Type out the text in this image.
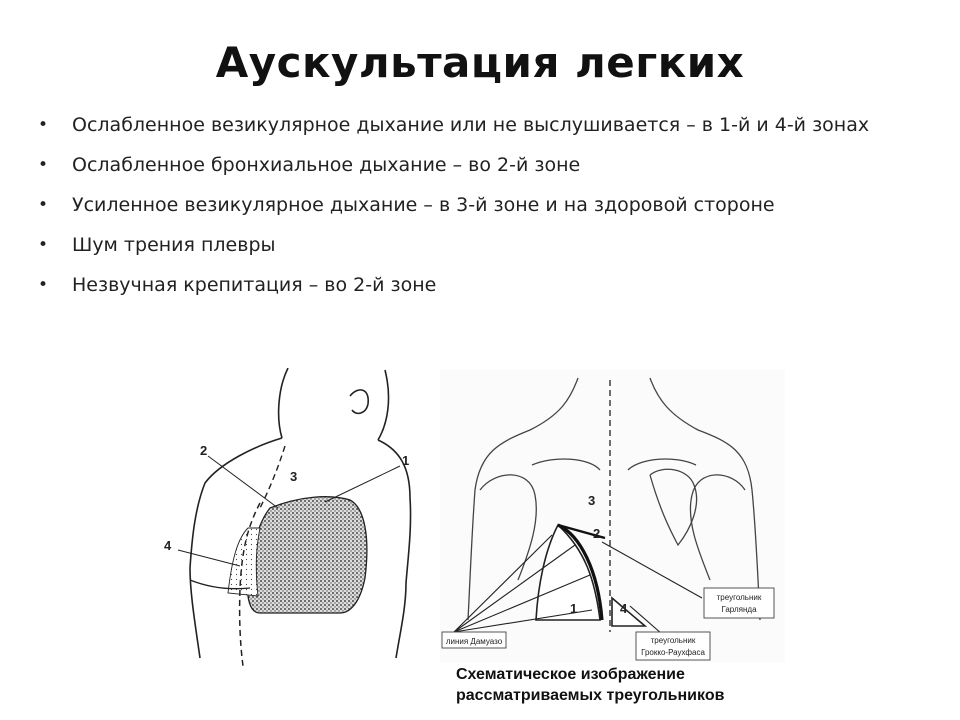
Аускультация легких
• Ослабленное везикулярное дыхание или не выслушивается – в 1-й и 4-й зонах
• Ослабленное бронхиальное дыхание – во 2-й зоне
• Усиленное везикулярное дыхание – в 3-й зоне и на здоровой стороне
• Шум трения плевры
• Незвучная крепитация – во 2-й зоне
2
3
1
4
3
2
1	4
треугольник
Гарлянда
линия Дамуазо	треугольник
Грокко-Раухфаса
Схематическое изображение
рассматриваемых треугольников
